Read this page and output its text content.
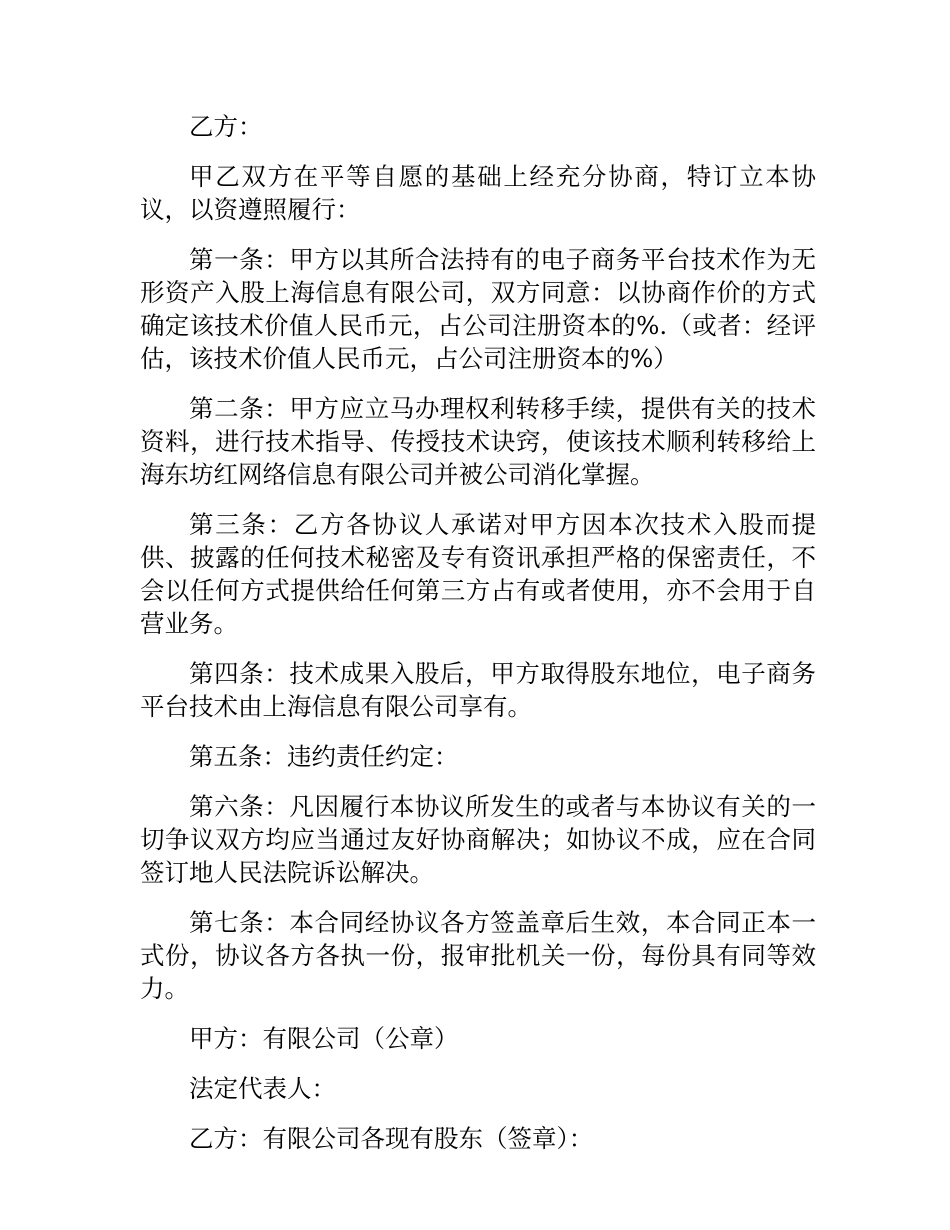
乙方：

甲乙双方在平等自愿的基础上经充分协商，特订立本协议，以资遵照履行：

第一条：甲方以其所合法持有的电子商务平台技术作为无形资产入股上海信息有限公司，双方同意：以协商作价的方式确定该技术价值人民币元，占公司注册资本的%.（或者：经评估，该技术价值人民币元，占公司注册资本的%）

第二条：甲方应立马办理权利转移手续，提供有关的技术资料，进行技术指导、传授技术诀窍，使该技术顺利转移给上海东坊红网络信息有限公司并被公司消化掌握。

第三条：乙方各协议人承诺对甲方因本次技术入股而提供、披露的任何技术秘密及专有资讯承担严格的保密责任，不会以任何方式提供给任何第三方占有或者使用，亦不会用于自营业务。

第四条：技术成果入股后，甲方取得股东地位，电子商务平台技术由上海信息有限公司享有。

第五条：违约责任约定：

第六条：凡因履行本协议所发生的或者与本协议有关的一切争议双方均应当通过友好协商解决；如协议不成，应在合同签订地人民法院诉讼解决。

第七条：本合同经协议各方签盖章后生效，本合同正本一式份，协议各方各执一份，报审批机关一份，每份具有同等效力。

甲方：有限公司（公章）

法定代表人：

乙方：有限公司各现有股东（签章）：
